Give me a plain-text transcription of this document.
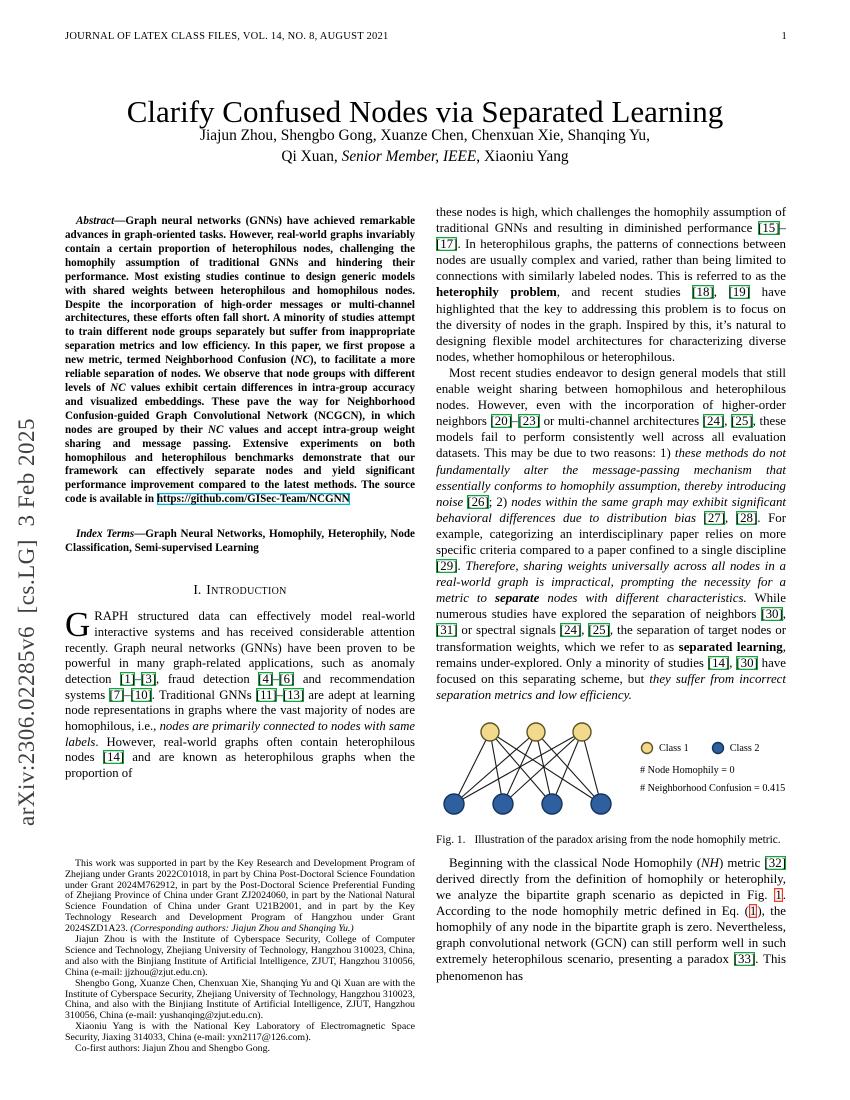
JOURNAL OF LATEX CLASS FILES, VOL. 14, NO. 8, AUGUST 2021	1
arXiv:2306.02285v6  [cs.LG]  3 Feb 2025
Clarify Confused Nodes via Separated Learning
Jiajun Zhou, Shengbo Gong, Xuanze Chen, Chenxuan Xie, Shanqing Yu,
Qi Xuan, Senior Member, IEEE, Xiaoniu Yang

Abstract—Graph neural networks (GNNs) have achieved remarkable advances in graph-oriented tasks. However, real-world graphs invariably contain a certain proportion of heterophilous nodes, challenging the homophily assumption of traditional GNNs and hindering their performance. Most existing studies continue to design generic models with shared weights between heterophilous and homophilous nodes. Despite the incorporation of high-order messages or multi-channel architectures, these efforts often fall short. A minority of studies attempt to train different node groups separately but suffer from inappropriate separation metrics and low efficiency. In this paper, we first propose a new metric, termed Neighborhood Confusion (NC), to facilitate a more reliable separation of nodes. We observe that node groups with different levels of NC values exhibit certain differences in intra-group accuracy and visualized embeddings. These pave the way for Neighborhood Confusion-guided Graph Convolutional Network (NCGCN), in which nodes are grouped by their NC values and accept intra-group weight sharing and message passing. Extensive experiments on both homophilous and heterophilous benchmarks demonstrate that our framework can effectively separate nodes and yield significant performance improvement compared to the latest methods. The source code is available in https://github.com/GISec-Team/NCGNN

Index Terms—Graph Neural Networks, Homophily, Heterophily, Node Classification, Semi-supervised Learning

I. Introduction

GRAPH structured data can effectively model real-world interactive systems and has received considerable attention recently. Graph neural networks (GNNs) have been proven to be powerful in many graph-related applications, such as anomaly detection [1]–[3], fraud detection [4]–[6] and recommendation systems [7]–[10]. Traditional GNNs [11]–[13] are adept at learning node representations in graphs where the vast majority of nodes are homophilous, i.e., nodes are primarily connected to nodes with same labels. However, real-world graphs often contain heterophilous nodes [14] and are known as heterophilous graphs when the proportion of

This work was supported in part by the Key Research and Development Program of Zhejiang under Grants 2022C01018, in part by China Post-Doctoral Science Foundation under Grant 2024M762912, in part by the Post-Doctoral Science Preferential Funding of Zhejiang Province of China under Grant ZJ2024060, in part by the National Natural Science Foundation of China under Grant U21B2001, and in part by the Key Technology Research and Development Program of Hangzhou under Grant 2024SZD1A23. (Corresponding authors: Jiajun Zhou and Shanqing Yu.)

Jiajun Zhou is with the Institute of Cyberspace Security, College of Computer Science and Technology, Zhejiang University of Technology, Hangzhou 310023, China, and also with the Binjiang Institute of Artificial Intelligence, ZJUT, Hangzhou 310056, China (e-mail: jjzhou@zjut.edu.cn).

Shengbo Gong, Xuanze Chen, Chenxuan Xie, Shanqing Yu and Qi Xuan are with the Institute of Cyberspace Security, Zhejiang University of Technology, Hangzhou 310023, China, and also with the Binjiang Institute of Artificial Intelligence, ZJUT, Hangzhou 310056, China (e-mail: yushanqing@zjut.edu.cn).

Xiaoniu Yang is with the National Key Laboratory of Electromagnetic Space Security, Jiaxing 314033, China (e-mail: yxn2117@126.com).

Co-first authors: Jiajun Zhou and Shengbo Gong.

these nodes is high, which challenges the homophily assumption of traditional GNNs and resulting in diminished performance [15]–[17]. In heterophilous graphs, the patterns of connections between nodes are usually complex and varied, rather than being limited to connections with similarly labeled nodes. This is referred to as the heterophily problem, and recent studies [18], [19] have highlighted that the key to addressing this problem is to focus on the diversity of nodes in the graph. Inspired by this, it’s natural to designing flexible model architectures for characterizing diverse nodes, whether homophilous or heterophilous.

Most recent studies endeavor to design general models that still enable weight sharing between homophilous and heterophilous nodes. However, even with the incorporation of higher-order neighbors [20]–[23] or multi-channel architectures [24], [25], these models fail to perform consistently well across all evaluation datasets. This may be due to two reasons: 1) these methods do not fundamentally alter the message-passing mechanism that essentially conforms to homophily assumption, thereby introducing noise [26]; 2) nodes within the same graph may exhibit significant behavioral differences due to distribution bias [27], [28]. For example, categorizing an interdisciplinary paper relies on more specific criteria compared to a paper confined to a single discipline [29]. Therefore, sharing weights universally across all nodes in a real-world graph is impractical, prompting the necessity for a metric to separate nodes with different characteristics. While numerous studies have explored the separation of neighbors [30], [31] or spectral signals [24], [25], the separation of target nodes or transformation weights, which we refer to as separated learning, remains under-explored. Only a minority of studies [14], [30] have focused on this separating scheme, but they suffer from incorrect separation metrics and low efficiency.

Class 1	Class 2
# Node Homophily = 0
# Neighborhood Confusion = 0.415
Fig. 1. Illustration of the paradox arising from the node homophily metric.

Beginning with the classical Node Homophily (NH) metric [32] derived directly from the definition of homophily or heterophily, we analyze the bipartite graph scenario as depicted in Fig. 1. According to the node homophily metric defined in Eq. (1), the homophily of any node in the bipartite graph is zero. Nevertheless, graph convolutional network (GCN) can still perform well in such extremely heterophilous scenario, presenting a paradox [33]. This phenomenon has
